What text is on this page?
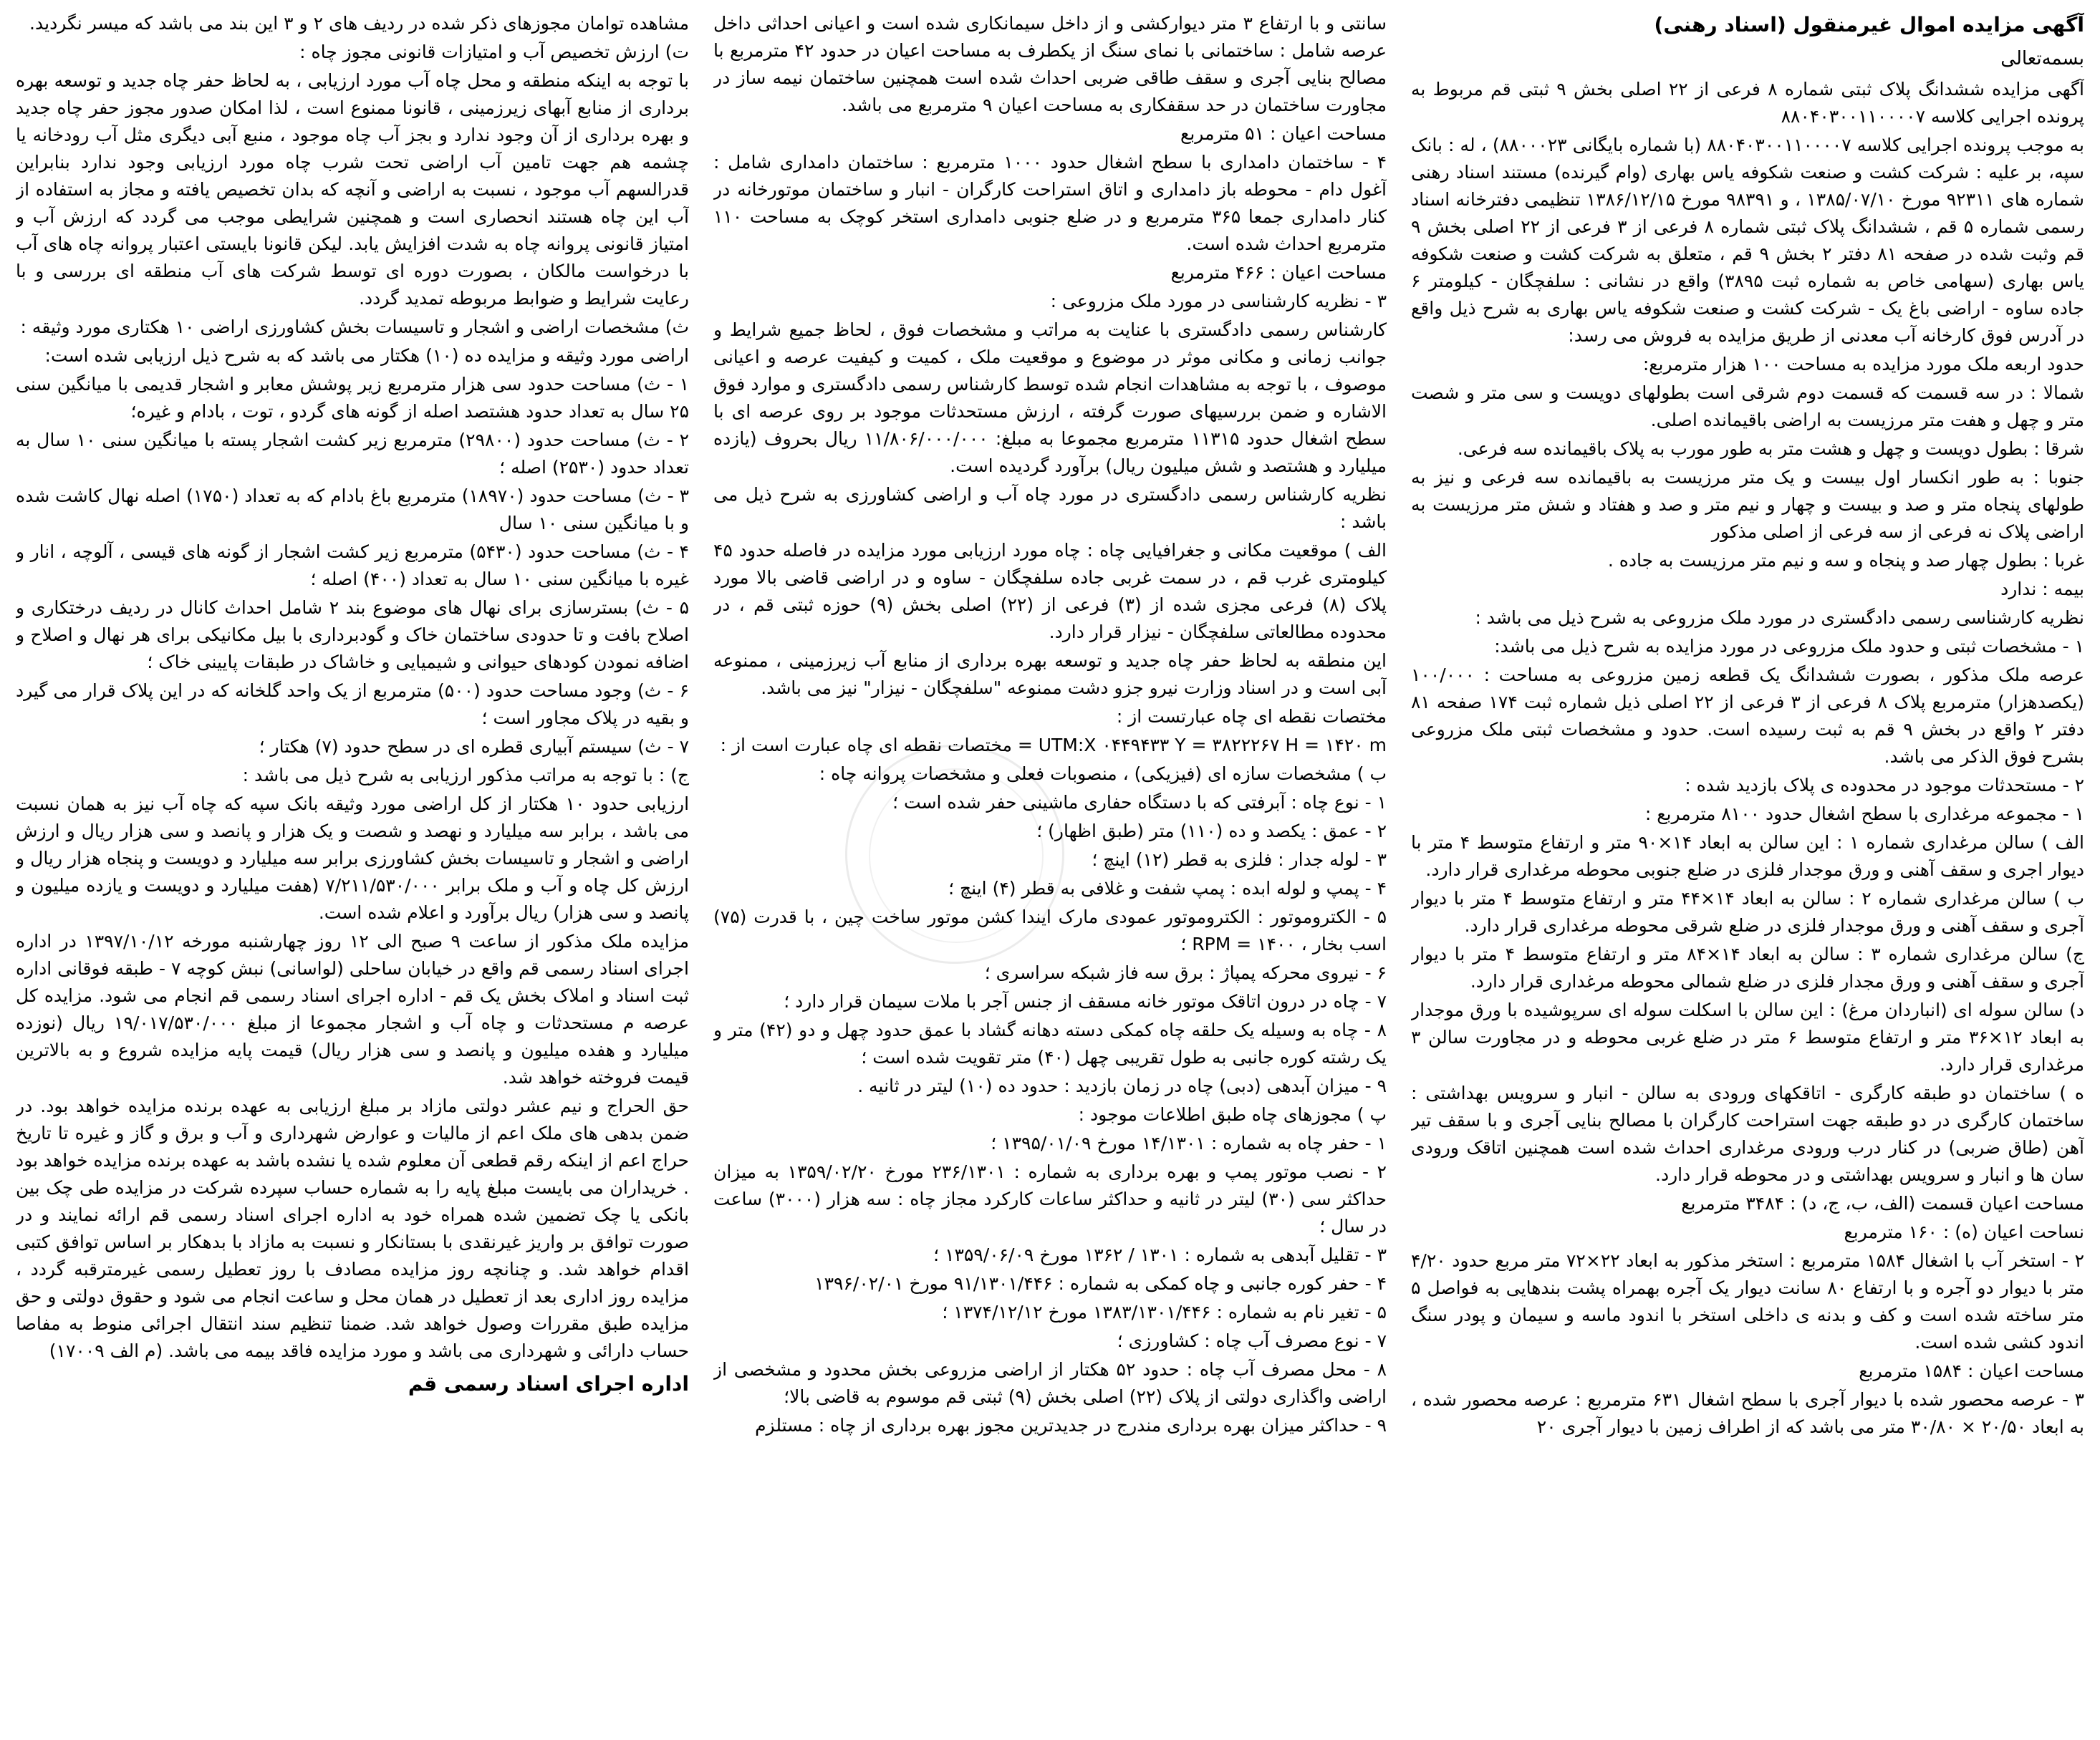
آگهی مزایده اموال غیرمنقول (اسناد رهنی)
بسمه‌تعالی

آگهی مزایده ششدانگ پلاک ثبتی شماره ۸ فرعی از ۲۲ اصلی بخش ۹ ثبتی قم مربوط به پرونده اجرایی کلاسه ۸۸۰۴۰۳۰۰۱۱۰۰۰۰۷

به موجب پرونده اجرایی کلاسه ۸۸۰۴۰۳۰۰۱۱۰۰۰۰۷ (با شماره بایگانی ۸۸۰۰۰۲۳) ، له : بانک سپه، بر علیه : شرکت کشت و صنعت شکوفه یاس بهاری (وام گیرنده) مستند اسناد رهنی شماره های ۹۲۳۱۱ مورخ ۱۳۸۵/۰۷/۱۰ ، و ۹۸۳۹۱ مورخ ۱۳۸۶/۱۲/۱۵ تنظیمی دفترخانه اسناد رسمی شماره ۵ قم ، ششدانگ پلاک ثبتی شماره ۸ فرعی از ۳ فرعی از ۲۲ اصلی بخش ۹ قم وثبت شده در صفحه ۸۱ دفتر ۲ بخش ۹ قم ، متعلق به شرکت کشت و صنعت شکوفه یاس بهاری (سهامی خاص به شماره ثبت ۳۸۹۵) واقع در نشانی : سلفچگان - کیلومتر ۶ جاده ساوه - اراضی باغ یک - شرکت کشت و صنعت شکوفه یاس بهاری به شرح ذیل واقع در آدرس فوق کارخانه آب معدنی از طریق مزایده به فروش می رسد:

حدود اربعه ملک مورد مزایده به مساحت ۱۰۰ هزار مترمربع:

شمالا : در سه قسمت که قسمت دوم شرقی است بطولهای دویست و سی متر و شصت متر و چهل و هفت متر مرزیست به اراضی باقیمانده اصلی.

شرقا : بطول دویست و چهل و هشت متر به طور مورب به پلاک باقیمانده سه فرعی.

جنوبا : به طور انکسار اول بیست و یک متر مرزیست به باقیمانده سه فرعی و نیز به طولهای پنجاه متر و صد و بیست و چهار و نیم متر و صد و هفتاد و شش متر مرزیست به اراضی پلاک نه فرعی از سه فرعی از اصلی مذکور

غربا : بطول چهار صد و پنجاه و سه و نیم متر مرزیست به جاده .

بیمه : ندارد

نظریه کارشناسی رسمی دادگستری در مورد ملک مزروعی به شرح ذیل می باشد :

۱ - مشخصات ثبتی و حدود ملک مزروعی در مورد مزایده به شرح ذیل می باشد:

عرصه ملک مذکور ، بصورت ششدانگ یک قطعه زمین مزروعی به مساحت : ۱۰۰/۰۰۰ (یکصدهزار) مترمربع پلاک ۸ فرعی از ۳ فرعی از ۲۲ اصلی ذیل شماره ثبت ۱۷۴ صفحه ۸۱ دفتر ۲ واقع در بخش ۹ قم به ثبت رسیده است. حدود و مشخصات ثبتی ملک مزروعی بشرح فوق الذکر می باشد.

۲ - مستحدثات موجود در محدوده ی پلاک بازدید شده :

۱ - مجموعه مرغداری با سطح اشغال حدود ۸۱۰۰ مترمربع :

الف ) سالن مرغداری شماره ۱ : این سالن به ابعاد ۱۴×۹۰ متر و ارتفاع متوسط ۴ متر با دیوار اجری و سقف آهنی و ورق موجدار فلزی در ضلع جنوبی محوطه مرغداری قرار دارد.

ب ) سالن مرغداری شماره ۲ : سالن به ابعاد ۱۴×۴۴ متر و ارتفاع متوسط ۴ متر با دیوار آجری و سقف آهنی و ورق موجدار فلزی در ضلع شرقی محوطه مرغداری قرار دارد.

ج) سالن مرغداری شماره ۳ : سالن به ابعاد ۱۴×۸۴ متر و ارتفاع متوسط ۴ متر با دیوار آجری و سقف آهنی و ورق مجدار فلزی در ضلع شمالی محوطه مرغداری قرار دارد.

د) سالن سوله ای (انباردان مرغ) : این سالن با اسکلت سوله ای سرپوشیده با ورق موجدار به ابعاد ۱۲×۳۶ متر و ارتفاع متوسط ۶ متر در ضلع غربی محوطه و در مجاورت سالن ۳ مرغداری قرار دارد.

ه ) ساختمان دو طبقه کارگری - اتاقکهای ورودی به سالن - انبار و سرویس بهداشتی : ساختمان کارگری در دو طبقه جهت استراحت کارگران با مصالح بنایی آجری و با سقف تیر آهن (طاق ضربی) در کنار درب ورودی مرغداری احداث شده است همچنین اتاقک ورودی سان ها و انبار و سرویس بهداشتی و در محوطه قرار دارد.

مساحت اعیان قسمت (الف، ب، ج، د) : ۳۴۸۴ مترمربع

نساحت اعیان (ه) : ۱۶۰ مترمربع

۲ - استخر آب با اشغال ۱۵۸۴ مترمربع : استخر مذکور به ابعاد ۲۲×۷۲ متر مربع حدود ۴/۲۰ متر با دیوار دو آجره و با ارتفاع ۸۰ سانت دیوار یک آجره بهمراه پشت بندهایی به فواصل ۵ متر ساخته شده است و کف و بدنه ی داخلی استخر با اندود ماسه و سیمان و پودر سنگ اندود کشی شده است.

مساحت اعیان : ۱۵۸۴ مترمربع

۳ - عرصه محصور شده با دیوار آجری با سطح اشغال ۶۳۱ مترمربع : عرصه محصور شده ، به ابعاد ۲۰/۵۰ × ۳۰/۸۰ متر می باشد که از اطراف زمین با دیوار آجری ۲۰

سانتی و با ارتفاع ۳ متر دیوارکشی و از داخل سیمانکاری شده است و اعیانی احداثی داخل عرصه شامل : ساختمانی با نمای سنگ از یکطرف به مساحت اعیان در حدود ۴۲ مترمربع با مصالح بنایی آجری و سقف طاقی ضربی احداث شده است همچنین ساختمان نیمه ساز در مجاورت ساختمان در حد سقفکاری به مساحت اعیان ۹ مترمربع می باشد.

مساحت اعیان : ۵۱ مترمربع

۴ - ساختمان دامداری با سطح اشغال حدود ۱۰۰۰ مترمربع : ساختمان دامداری شامل : آغول دام - محوطه باز دامداری و اتاق استراحت کارگران - انبار و ساختمان موتورخانه در کنار دامداری جمعا ۳۶۵ مترمربع و در ضلع جنوبی دامداری استخر کوچک به مساحت ۱۱۰ مترمربع احداث شده است.

مساحت اعیان : ۴۶۶ مترمربع

۳ - نظریه کارشناسی در مورد ملک مزروعی :

کارشناس رسمی دادگستری با عنایت به مراتب و مشخصات فوق ، لحاظ جمیع شرایط و جوانب زمانی و مکانی موثر در موضوع و موقعیت ملک ، کمیت و کیفیت عرصه و اعیانی موصوف ، با توجه به مشاهدات انجام شده توسط کارشناس رسمی دادگستری و موارد فوق الاشاره و ضمن بررسیهای صورت گرفته ، ارزش مستحدثات موجود بر روی عرصه ای با سطح اشغال حدود ۱۱۳۱۵ مترمربع مجموعا به مبلغ: ۱۱/۸۰۶/۰۰۰/۰۰۰ ریال بحروف (یازده میلیارد و هشتصد و شش میلیون ریال) برآورد گردیده است.

نظریه کارشناس رسمی دادگستری در مورد چاه آب و اراضی کشاورزی به شرح ذیل می باشد :

الف ) موقعیت مکانی و جغرافیایی چاه : چاه مورد ارزیابی مورد مزایده در فاصله حدود ۴۵ کیلومتری غرب قم ، در سمت غربی جاده سلفچگان - ساوه و در اراضی قاضی بالا مورد پلاک (۸) فرعی مجزی شده از (۳) فرعی از (۲۲) اصلی بخش (۹) حوزه ثبتی قم ، در محدوده مطالعاتی سلفچگان - نیزار قرار دارد.

این منطقه به لحاظ حفر چاه جدید و توسعه بهره برداری از منابع آب زیرزمینی ، ممنوعه آبی است و در اسناد وزارت نیرو جزو دشت ممنوعه "سلفچگان - نیزار" نیز می باشد.

مختصات نقطه ای چاه عبارتست از :

UTM:X ۰۴۴۹۴۳۳ Y = ۳۸۲۲۲۶۷ H = ۱۴۲۰ m = مختصات نقطه ای چاه عبارت است از :

ب ) مشخصات سازه ای (فیزیکی) ، منصوبات فعلی و مشخصات پروانه چاه :

۱ - نوع چاه : آبرفتی که با دستگاه حفاری ماشینی حفر شده است ؛

۲ - عمق : یکصد و ده (۱۱۰) متر (طبق اظهار) ؛

۳ - لوله جدار : فلزی به قطر (۱۲) اینچ ؛

۴ - پمپ و لوله ابده : پمپ شفت و غلافی به قطر (۴) اینچ ؛

۵ - الکتروموتور : الکتروموتور عمودی مارک ایندا کشن موتور ساخت چین ، با قدرت (۷۵) اسب بخار ، RPM = ۱۴۰۰ ؛

۶ - نیروی محرکه پمپاژ : برق سه فاز شبکه سراسری ؛

۷ - چاه در درون اتاقک موتور خانه مسقف از جنس آجر با ملات سیمان قرار دارد ؛

۸ - چاه به وسیله یک حلقه چاه کمکی دسته دهانه گشاد با عمق حدود چهل و دو (۴۲) متر و یک رشته کوره جانبی به طول تقریبی چهل (۴۰) متر تقویت شده است ؛

۹ - میزان آبدهی (دبی) چاه در زمان بازدید : حدود ده (۱۰) لیتر در ثانیه .

پ ) مجوزهای چاه طبق اطلاعات موجود :

۱ - حفر چاه به شماره : ۱۴/۱۳۰۱ مورخ ۱۳۹۵/۰۱/۰۹ ؛

۲ - نصب موتور پمپ و بهره برداری به شماره : ۲۳۶/۱۳۰۱ مورخ ۱۳۵۹/۰۲/۲۰ به میزان حداکثر سی (۳۰) لیتر در ثانیه و حداکثر ساعات کارکرد مجاز چاه : سه هزار (۳۰۰۰) ساعت در سال ؛

۳ - تقلیل آبدهی به شماره : ۱۳۰۱ / ۱۳۶۲ مورخ ۱۳۵۹/۰۶/۰۹ ؛

۴ - حفر کوره جانبی و چاه کمکی به شماره : ۹۱/۱۳۰۱/۴۴۶ مورخ ۱۳۹۶/۰۲/۰۱

۵ - تغیر نام به شماره : ۱۳۸۳/۱۳۰۱/۴۴۶ مورخ ۱۳۷۴/۱۲/۱۲ ؛

۷ - نوع مصرف آب چاه : کشاورزی ؛

۸ - محل مصرف آب چاه : حدود ۵۲ هکتار از اراضی مزروعی بخش محدود و مشخصی از اراضی واگذاری دولتی از پلاک (۲۲) اصلی بخش (۹) ثبتی قم موسوم به قاضی بالا؛

۹ - حداکثر میزان بهره برداری مندرج در جدیدترین مجوز بهره برداری از چاه : مستلزم

مشاهده توامان مجوزهای ذکر شده در ردیف های ۲ و ۳ این بند می باشد که میسر نگردید.

ت) ارزش تخصیص آب و امتیازات قانونی مجوز چاه :

با توجه به اینکه منطقه و محل چاه آب مورد ارزیابی ، به لحاظ حفر چاه جدید و توسعه بهره برداری از منابع آبهای زیرزمینی ، قانونا ممنوع است ، لذا امکان صدور مجوز حفر چاه جدید و بهره برداری از آن وجود ندارد و بجز آب چاه موجود ، منبع آبی دیگری مثل آب رودخانه یا چشمه هم جهت تامین آب اراضی تحت شرب چاه مورد ارزیابی وجود ندارد بنابراین قدرالسهم آب موجود ، نسبت به اراضی و آنچه که بدان تخصیص یافته و مجاز به استفاده از آب این چاه هستند انحصاری است و همچنین شرایطی موجب می گردد که ارزش آب و امتیاز قانونی پروانه چاه به شدت افزایش یابد. لیکن قانونا بایستی اعتبار پروانه چاه های آب با درخواست مالکان ، بصورت دوره ای توسط شرکت های آب منطقه ای بررسی و با رعایت شرایط و ضوابط مربوطه تمدید گردد.

ث) مشخصات اراضی و اشجار و تاسیسات بخش کشاورزی اراضی ۱۰ هکتاری مورد وثیقه :

اراضی مورد وثیقه و مزایده ده (۱۰) هکتار می باشد که به شرح ذیل ارزیابی شده است:

۱ - ث) مساحت حدود سی هزار مترمربع زیر پوشش معابر و اشجار قدیمی با میانگین سنی ۲۵ سال به تعداد حدود هشتصد اصله از گونه های گردو ، توت ، بادام و غیره؛

۲ - ث) مساحت حدود (۲۹۸۰۰) مترمربع زیر کشت اشجار پسته با میانگین سنی ۱۰ سال به تعداد حدود (۲۵۳۰) اصله ؛

۳ - ث) مساحت حدود (۱۸۹۷۰) مترمربع باغ بادام که به تعداد (۱۷۵۰) اصله نهال کاشت شده و با میانگین سنی ۱۰ سال

۴ - ث) مساحت حدود (۵۴۳۰) مترمربع زیر کشت اشجار از گونه های قیسی ، آلوچه ، انار و غیره با میانگین سنی ۱۰ سال به تعداد (۴۰۰) اصله ؛

۵ - ث) بسترسازی برای نهال های موضوع بند ۲ شامل احداث کانال در ردیف درختکاری و اصلاح بافت و تا حدودی ساختمان خاک و گودبرداری با بیل مکانیکی برای هر نهال و اصلاح و اضافه نمودن کودهای حیوانی و شیمیایی و خاشاک در طبقات پایینی خاک ؛

۶ - ث) وجود مساحت حدود (۵۰۰) مترمربع از یک واحد گلخانه که در این پلاک قرار می گیرد و بقیه در پلاک مجاور است ؛

۷ - ث) سیستم آبیاری قطره ای در سطح حدود (۷) هکتار ؛

ج) : با توجه به مراتب مذکور ارزیابی به شرح ذیل می باشد :

ارزیابی حدود ۱۰ هکتار از کل اراضی مورد وثیقه بانک سپه که چاه آب نیز به همان نسبت می باشد ، برابر سه میلیارد و نهصد و شصت و یک هزار و پانصد و سی هزار ریال و ارزش اراضی و اشجار و تاسیسات بخش کشاورزی برابر سه میلیارد و دویست و پنجاه هزار ریال و ارزش کل چاه و آب و ملک برابر ۷/۲۱۱/۵۳۰/۰۰۰ (هفت میلیارد و دویست و یازده میلیون و پانصد و سی هزار) ریال برآورد و اعلام شده است.

مزایده ملک مذکور از ساعت ۹ صبح الی ۱۲ روز چهارشنبه مورخه ۱۳۹۷/۱۰/۱۲ در اداره اجرای اسناد رسمی قم واقع در خیابان ساحلی (لواسانی) نبش کوچه ۷ - طبقه فوقانی اداره ثبت اسناد و املاک بخش یک قم - اداره اجرای اسناد رسمی قم انجام می شود. مزایده کل عرصه م مستحدثات و چاه آب و اشجار مجموعا از مبلغ ۱۹/۰۱۷/۵۳۰/۰۰۰ ریال (نوزده میلیارد و هفده میلیون و پانصد و سی هزار ریال) قیمت پایه مزایده شروع و به بالاترین قیمت فروخته خواهد شد.

حق الحراج و نیم عشر دولتی مازاد بر مبلغ ارزیابی به عهده برنده مزایده خواهد بود. در ضمن بدهی های ملک اعم از مالیات و عوارض شهرداری و آب و برق و گاز و غیره تا تاریخ حراج اعم از اینکه رقم قطعی آن معلوم شده یا نشده باشد به عهده برنده مزایده خواهد بود . خریداران می بایست مبلغ پایه را به شماره حساب سپرده شرکت در مزایده طی چک بین بانکی یا چک تضمین شده همراه خود به اداره اجرای اسناد رسمی قم ارائه نمایند و در صورت توافق بر واریز غیرنقدی با بستانکار و نسبت به مازاد با بدهکار بر اساس توافق کتبی اقدام خواهد شد. و چنانچه روز مزایده مصادف با روز تعطیل رسمی غیرمترقبه گردد ، مزایده روز اداری بعد از تعطیل در همان محل و ساعت انجام می شود و حقوق دولتی و حق مزایده طبق مقررات وصول خواهد شد. ضمنا تنظیم سند انتقال اجرائی منوط به مفاصا حساب دارائی و شهرداری می باشد و مورد مزایده فاقد بیمه می باشد. (م الف ۱۷۰۰۹)

اداره اجرای اسناد رسمی قم
